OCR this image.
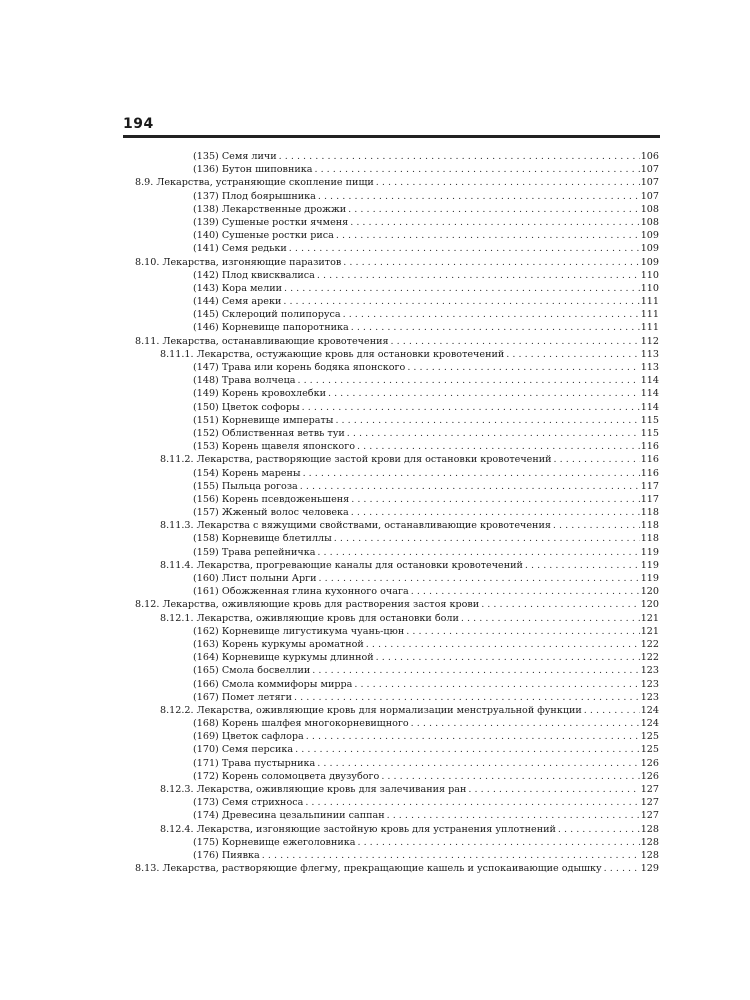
194
(135) Семя личи . . .	106
(136) Бутон шиповника . . .	107
8.9. Лекарства, устраняющие скопление пищи . . .	107
(137) Плод боярышника . . .	107
(138) Лекарственные дрожжи . . .	108
(139) Сушеные ростки ячменя . . .	108
(140) Сушеные ростки риса . . .	109
(141) Семя редьки . . .	109
8.10. Лекарства, изгоняющие паразитов . . .	109
(142) Плод квисквалиса . . .	110
(143) Кора мелии . . .	110
(144) Семя ареки . . .	111
(145) Склероций полипоруса . . .	111
(146) Корневище папоротника . . .	111
8.11. Лекарства, останавливающие кровотечения . . .	112
8.11.1. Лекарства, остужающие кровь для остановки кровотечений . . .	113
(147) Трава или корень бодяка японского . . .	113
(148) Трава волчеца . . .	114
(149) Корень кровохлебки . . .	114
(150) Цветок софоры . . .	114
(151) Корневище императы . . .	115
(152) Облиственная ветвь туи . . .	115
(153) Корень щавеля японского . . .	116
8.11.2. Лекарства, растворяющие застой крови для остановки кровотечений . . .	116
(154) Корень марены . . .	116
(155) Пыльца рогоза . . .	117
(156) Корень псевдоженьшеня . . .	117
(157) Жженый волос человека . . .	118
8.11.3. Лекарства с вяжущими свойствами, останавливающие кровотечения . . .	118
(158) Корневище блетиллы . . .	118
(159) Трава репейничка . . .	119
8.11.4. Лекарства, прогревающие каналы для остановки кровотечений . . .	119
(160) Лист полыни Арги . . .	119
(161) Обожженная глина кухонного очага . . .	120
8.12. Лекарства, оживляющие кровь для растворения застоя крови . . .	120
8.12.1. Лекарства, оживляющие кровь для остановки боли . . .	121
(162) Корневище лигустикума чуань-цюн . . .	121
(163) Корень куркумы ароматной . . .	122
(164) Корневище куркумы длинной . . .	122
(165) Смола босвеллии . . .	123
(166) Смола коммифоры мирра . . .	123
(167) Помет летяги . . .	123
8.12.2. Лекарства, оживляющие кровь для нормализации менструальной функции . . .	124
(168) Корень шалфея многокорневищного . . .	124
(169) Цветок сафлора . . .	125
(170) Семя персика . . .	125
(171) Трава пустырника . . .	126
(172) Корень соломоцвета двузубого . . .	126
8.12.3. Лекарства, оживляющие кровь для залечивания ран . . .	127
(173) Семя стрихноса . . .	127
(174) Древесина цезальпинии саппан . . .	127
8.12.4. Лекарства, изгоняющие застойную кровь для устранения уплотнений . . .	128
(175) Корневище ежеголовника . . .	128
(176) Пиявка . . .	128
8.13. Лекарства, растворяющие флегму, прекращающие кашель и успокаивающие одышку . . .	129
